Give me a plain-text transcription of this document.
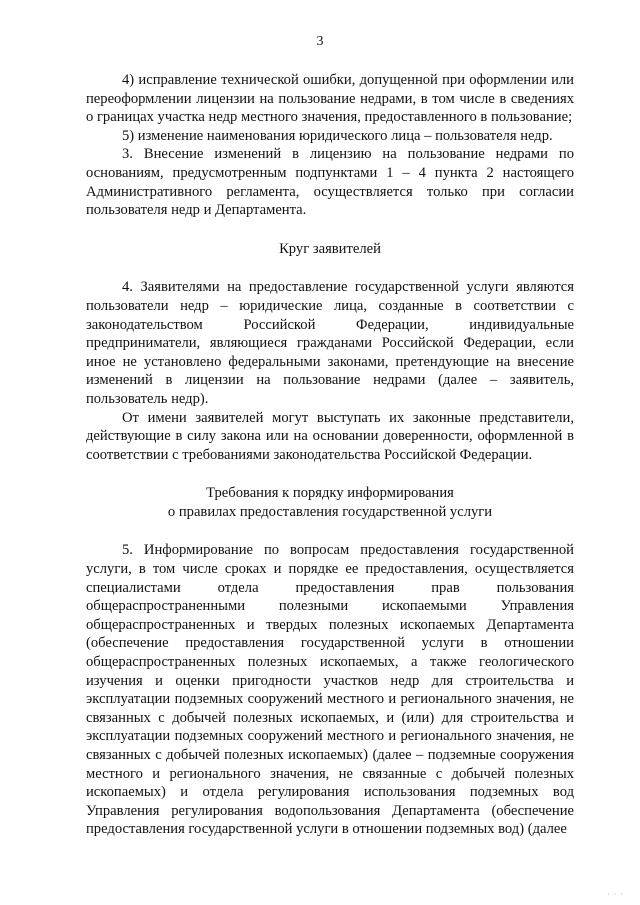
3

4) исправление технической ошибки, допущенной при оформлении или переоформлении лицензии на пользование недрами, в том числе в сведениях о границах участка недр местного значения, предоставленного в пользование;

5) изменение наименования юридического лица – пользователя недр.

3. Внесение изменений в лицензию на пользование недрами по основаниям, предусмотренным подпунктами 1 – 4 пункта 2 настоящего Административного регламента, осуществляется только при согласии пользователя недр и Департамента.

Круг заявителей

4. Заявителями на предоставление государственной услуги являются пользователи недр – юридические лица, созданные в соответствии с законодательством Российской Федерации, индивидуальные предприниматели, являющиеся гражданами Российской Федерации, если иное не установлено федеральными законами, претендующие на внесение изменений в лицензии на пользование недрами (далее – заявитель, пользователь недр).

От имени заявителей могут выступать их законные представители, действующие в силу закона или на основании доверенности, оформленной в соответствии с требованиями законодательства Российской Федерации.

Требования к порядку информирования

о правилах предоставления государственной услуги

5. Информирование по вопросам предоставления государственной услуги, в том числе сроках и порядке ее предоставления, осуществляется специалистами отдела предоставления прав пользования общераспространенными полезными ископаемыми Управления общераспространенных и твердых полезных ископаемых Департамента (обеспечение предоставления государственной услуги в отношении общераспространенных полезных ископаемых, а также геологического изучения и оценки пригодности участков недр для строительства и эксплуатации подземных сооружений местного и регионального значения, не связанных с добычей полезных ископаемых, и (или) для строительства и эксплуатации подземных сооружений местного и регионального значения, не связанных с добычей полезных ископаемых) (далее – подземные сооружения местного и регионального значения, не связанные с добычей полезных ископаемых) и отдела регулирования использования подземных вод Управления регулирования водопользования Департамента (обеспечение предоставления государственной услуги в отношении подземных вод) (далее

· · ·
